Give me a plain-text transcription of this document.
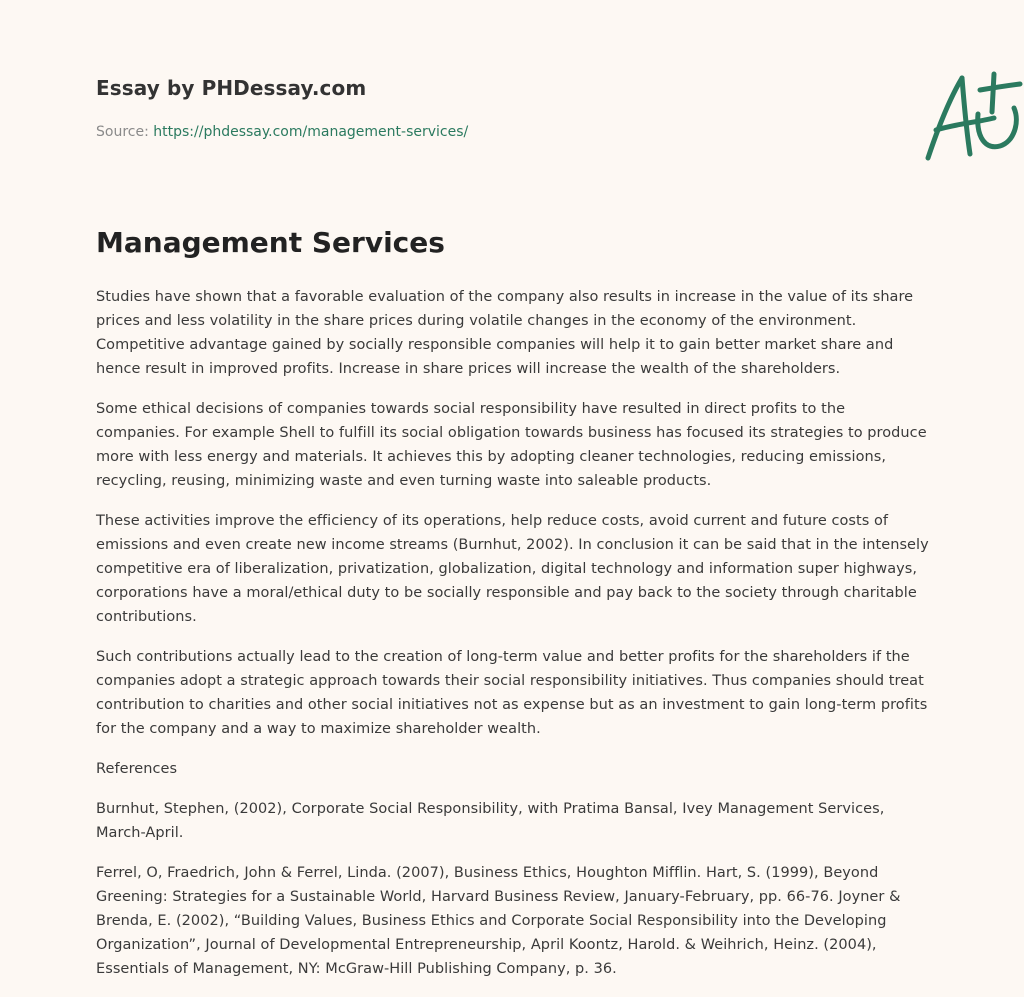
Essay by PHDessay.com
Source: https://phdessay.com/management-services/
Management Services

Studies have shown that a favorable evaluation of the company also results in increase in the value of its share prices and less volatility in the share prices during volatile changes in the economy of the environment. Competitive advantage gained by socially responsible companies will help it to gain better market share and hence result in improved profits. Increase in share prices will increase the wealth of the shareholders.

Some ethical decisions of companies towards social responsibility have resulted in direct profits to the companies. For example Shell to fulfill its social obligation towards business has focused its strategies to produce more with less energy and materials. It achieves this by adopting cleaner technologies, reducing emissions, recycling, reusing, minimizing waste and even turning waste into saleable products.

These activities improve the efficiency of its operations, help reduce costs, avoid current and future costs of emissions and even create new income streams (Burnhut, 2002). In conclusion it can be said that in the intensely competitive era of liberalization, privatization, globalization, digital technology and information super highways, corporations have a moral/ethical duty to be socially responsible and pay back to the society through charitable contributions.

Such contributions actually lead to the creation of long-term value and better profits for the shareholders if the companies adopt a strategic approach towards their social responsibility initiatives. Thus companies should treat contribution to charities and other social initiatives not as expense but as an investment to gain long-term profits for the company and a way to maximize shareholder wealth.

References

Burnhut, Stephen, (2002), Corporate Social Responsibility, with Pratima Bansal, Ivey Management Services, March-April.

Ferrel, O, Fraedrich, John & Ferrel, Linda. (2007), Business Ethics, Houghton Mifflin. Hart, S. (1999), Beyond Greening: Strategies for a Sustainable World, Harvard Business Review, January-February, pp. 66-76. Joyner & Brenda, E. (2002), “Building Values, Business Ethics and Corporate Social Responsibility into the Developing Organization”, Journal of Developmental Entrepreneurship, April Koontz, Harold. & Weihrich, Heinz. (2004), Essentials of Management, NY: McGraw-Hill Publishing Company, p. 36.
